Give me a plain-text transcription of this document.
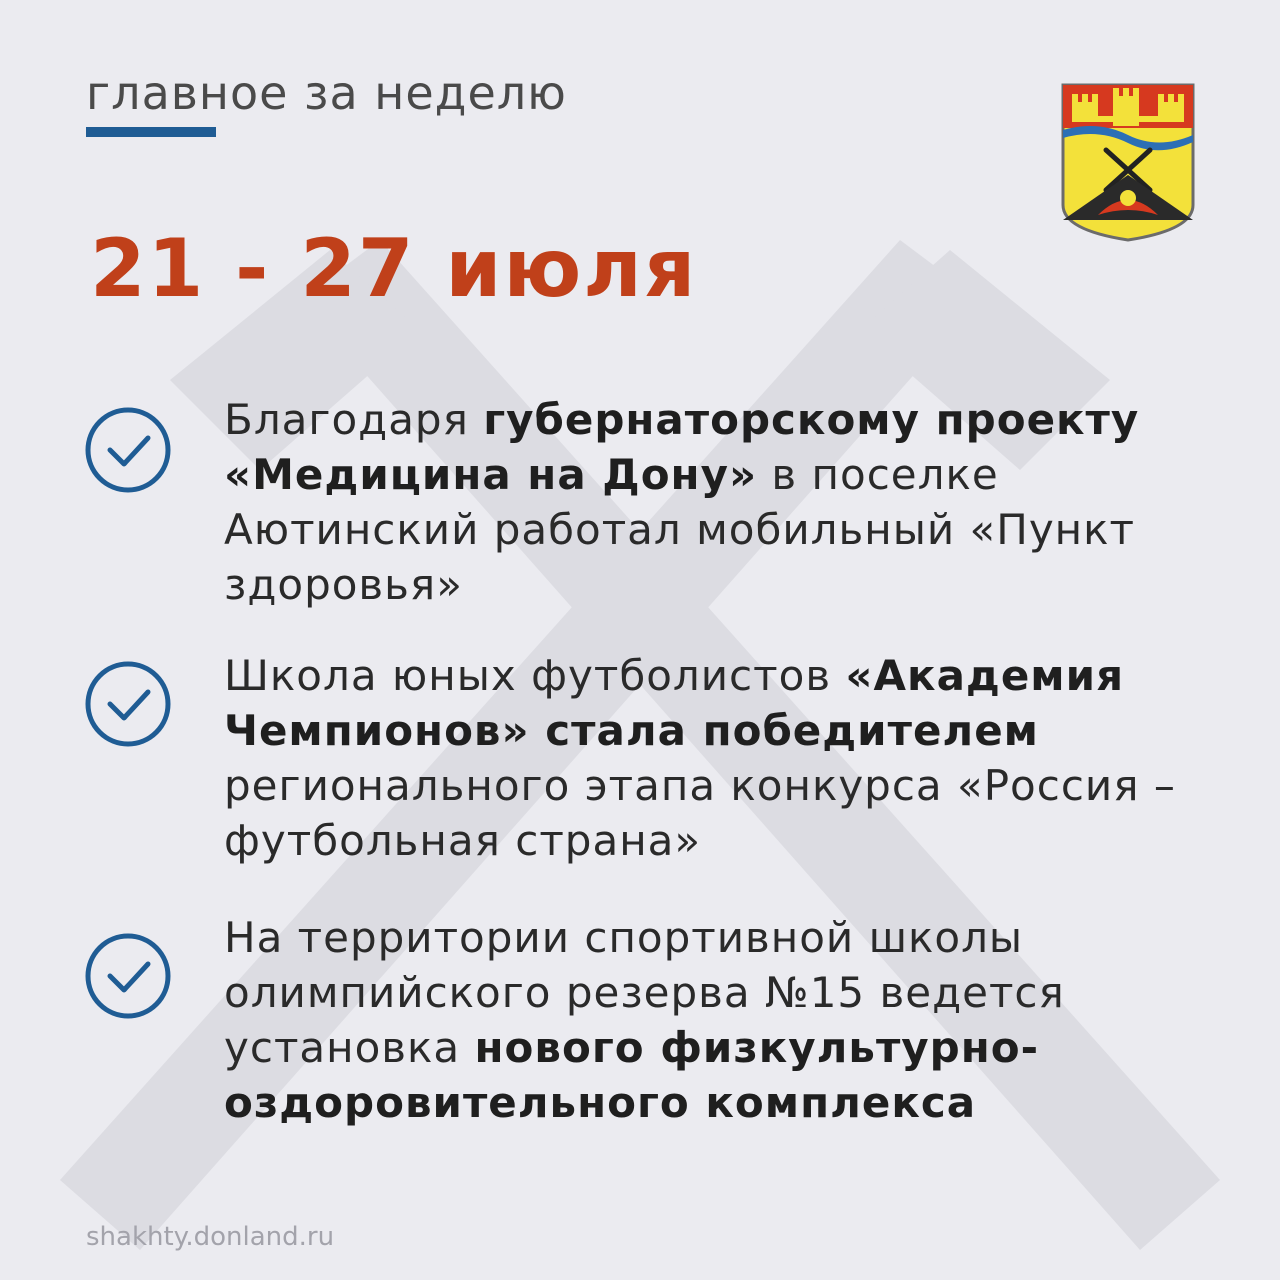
главное за неделю
21 - 27 июля
Благодаря губернаторскому проекту «Медицина на Дону» в поселке Аютинский работал мобильный «Пункт здоровья»
Школа юных футболистов «Академия Чемпионов» стала победителем регионального этапа конкурса «Россия – футбольная страна»
На территории спортивной школы олимпийского резерва №15 ведется установка нового физкультурно-оздоровительного комплекса
shakhty.donland.ru
